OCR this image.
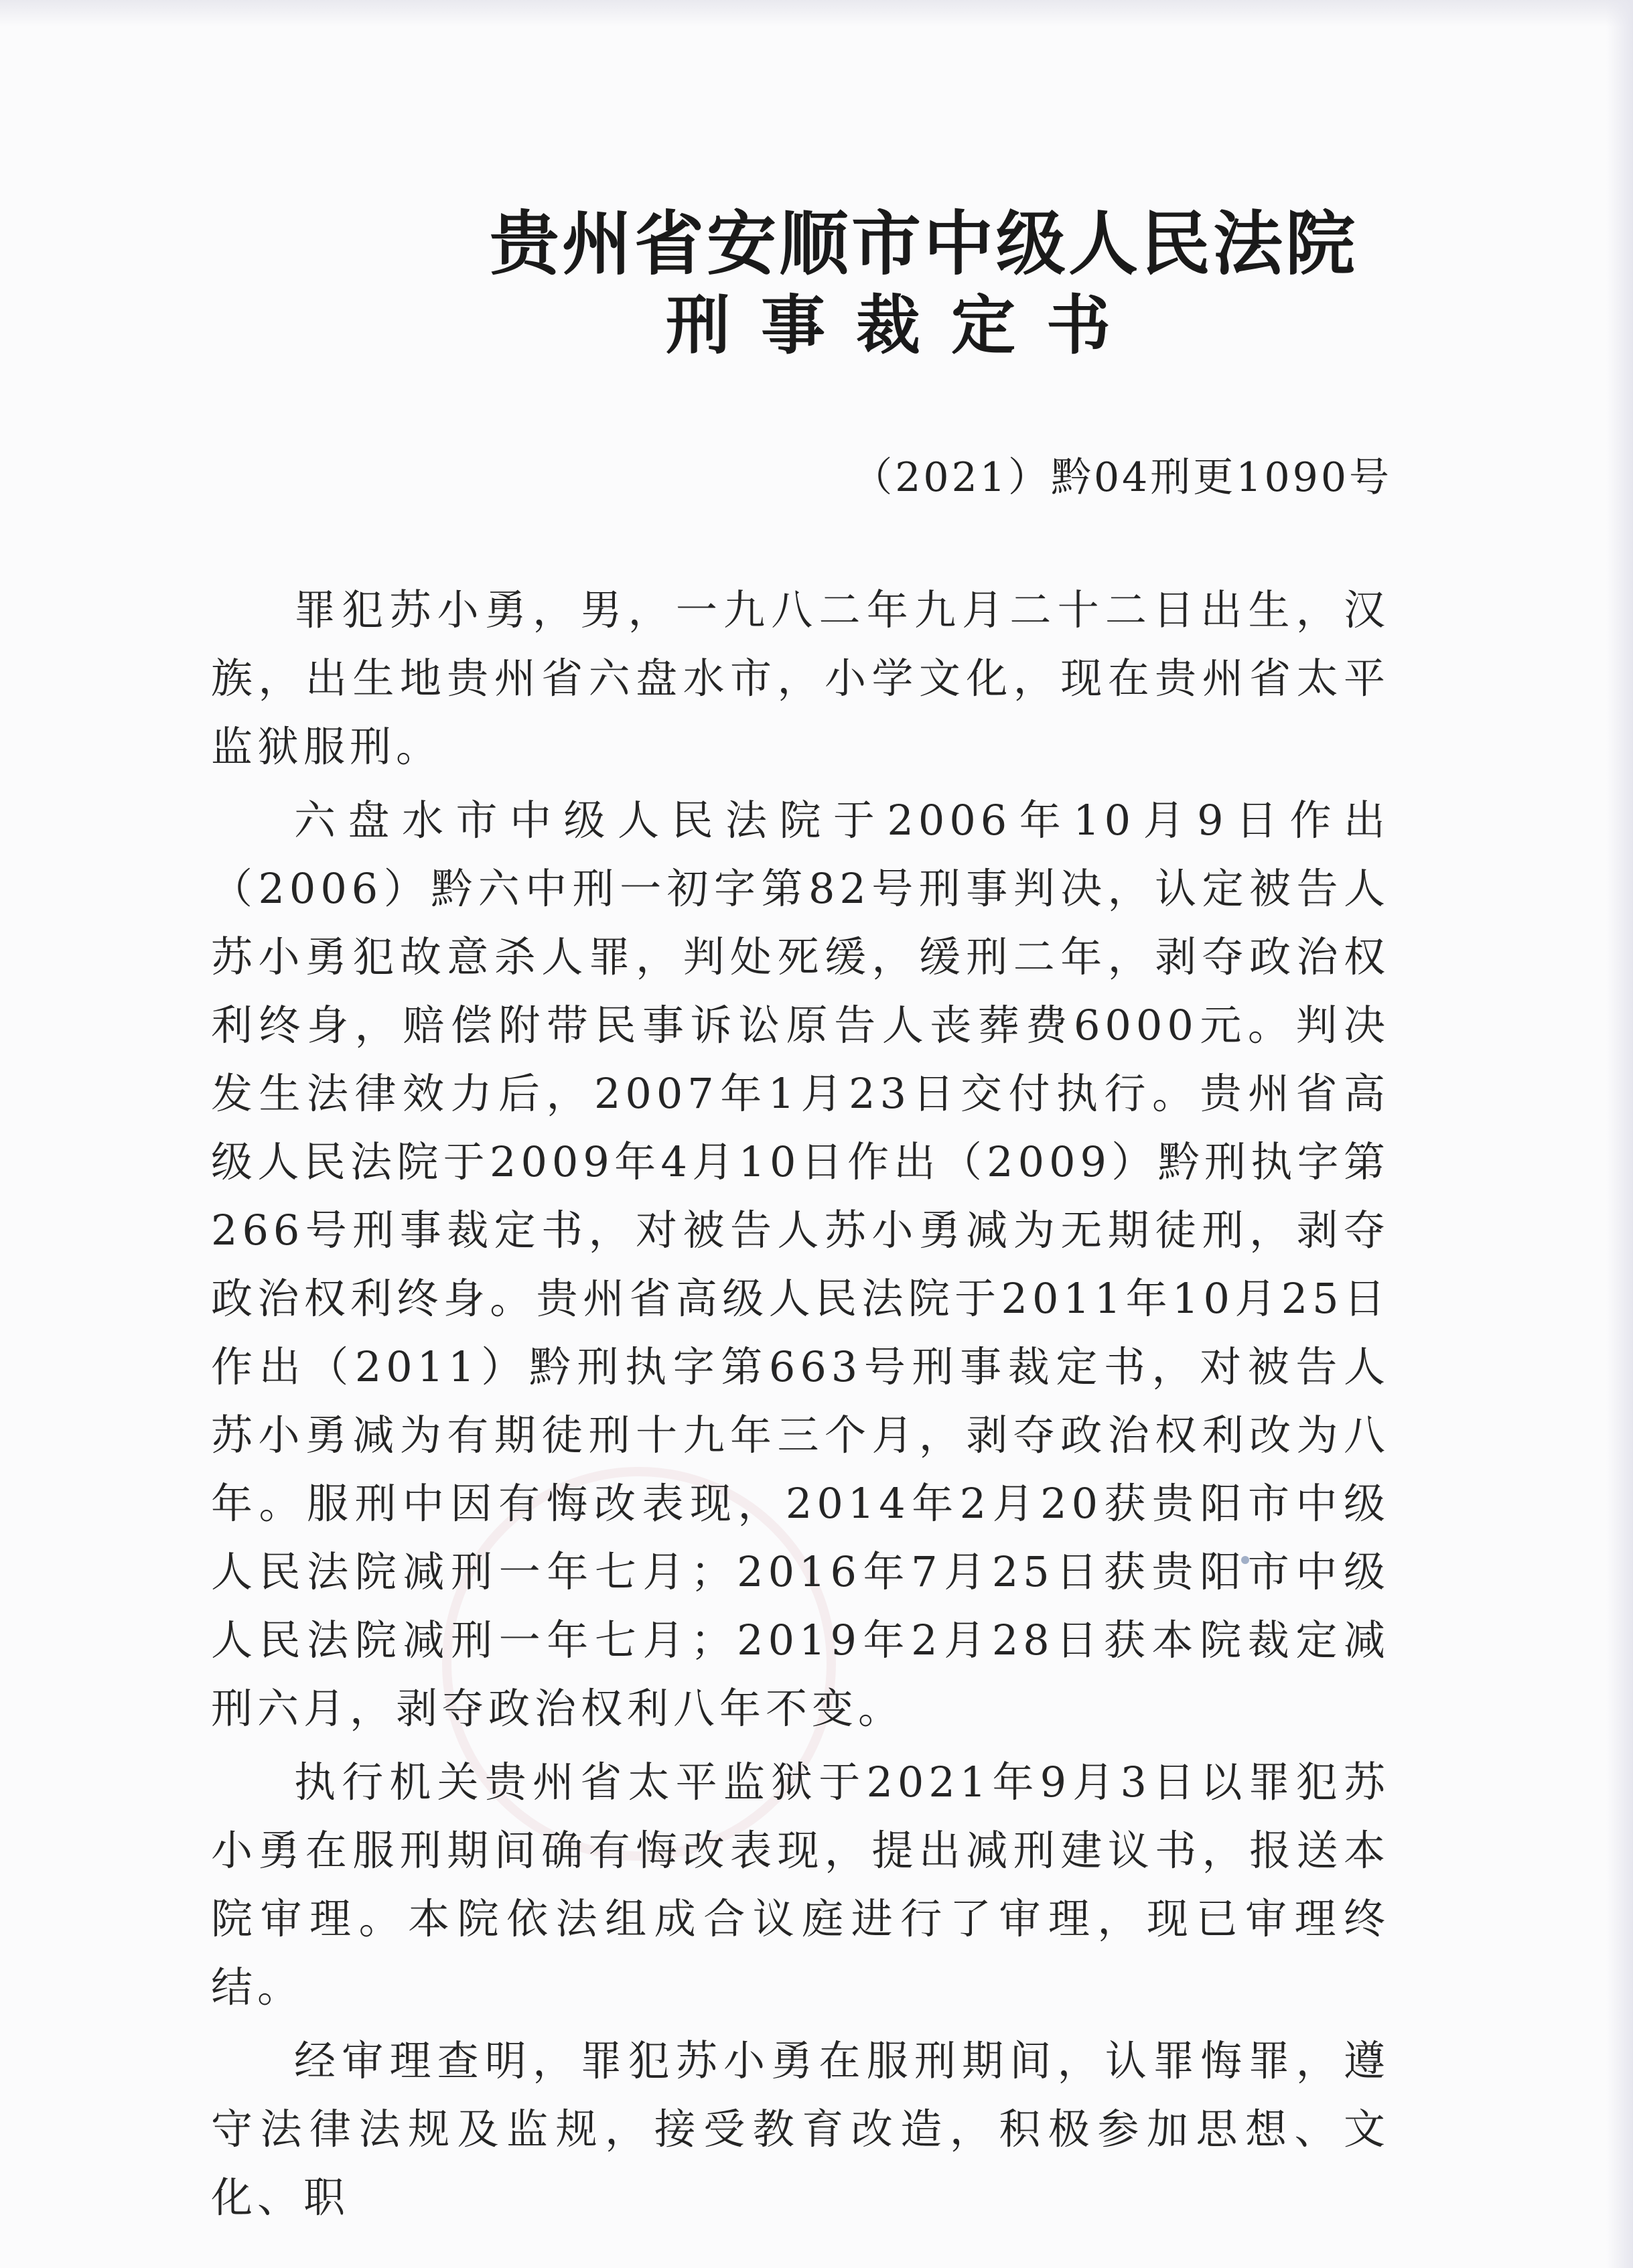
贵州省安顺市中级人民法院
刑事裁定书
（2021）黔04刑更1090号

罪犯苏小勇，男，一九八二年九月二十二日出生，汉族，出生地贵州省六盘水市，小学文化，现在贵州省太平监狱服刑。

六盘水市中级人民法院于2006年10月9日作出（2006）黔六中刑一初字第82号刑事判决，认定被告人苏小勇犯故意杀人罪，判处死缓，缓刑二年，剥夺政治权利终身，赔偿附带民事诉讼原告人丧葬费6000元。判决发生法律效力后，2007年1月23日交付执行。贵州省高级人民法院于2009年4月10日作出（2009）黔刑执字第266号刑事裁定书，对被告人苏小勇减为无期徒刑，剥夺政治权利终身。贵州省高级人民法院于2011年10月25日作出（2011）黔刑执字第663号刑事裁定书，对被告人苏小勇减为有期徒刑十九年三个月，剥夺政治权利改为八年。服刑中因有悔改表现，2014年2月20获贵阳市中级人民法院减刑一年七月；2016年7月25日获贵阳市中级人民法院减刑一年七月；2019年2月28日获本院裁定减刑六月，剥夺政治权利八年不变。

执行机关贵州省太平监狱于2021年9月3日以罪犯苏小勇在服刑期间确有悔改表现，提出减刑建议书，报送本院审理。本院依法组成合议庭进行了审理，现已审理终结。

经审理查明，罪犯苏小勇在服刑期间，认罪悔罪，遵守法律法规及监规，接受教育改造，积极参加思想、文化、职
